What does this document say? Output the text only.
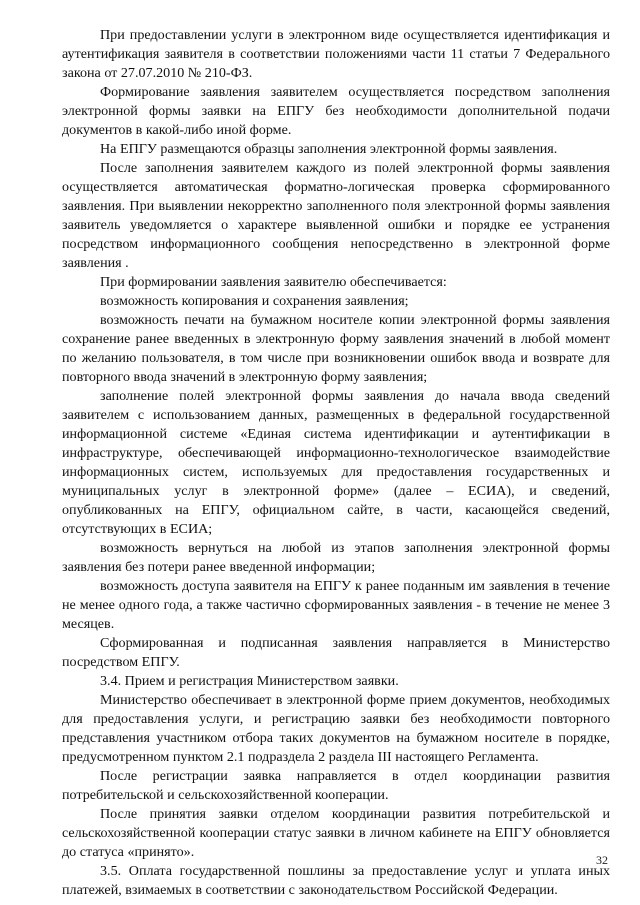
При предоставлении услуги в электронном виде осуществляется идентификация и аутентификация заявителя в соответствии положениями части 11 статьи 7 Федерального закона от 27.07.2010 № 210-ФЗ.

Формирование заявления заявителем осуществляется посредством заполнения электронной формы заявки на ЕПГУ без необходимости дополнительной подачи документов в какой-либо иной форме.

На ЕПГУ размещаются образцы заполнения электронной формы заявления.

После заполнения заявителем каждого из полей электронной формы заявления осуществляется автоматическая форматно-логическая проверка сформированного заявления. При выявлении некорректно заполненного поля электронной формы заявления заявитель уведомляется о характере выявленной ошибки и порядке ее устранения посредством информационного сообщения непосредственно в электронной форме заявления .

При формировании заявления заявителю обеспечивается:

возможность копирования и сохранения заявления;

возможность печати на бумажном носителе копии электронной формы заявления сохранение ранее введенных в электронную форму заявления значений в любой момент по желанию пользователя, в том числе при возникновении ошибок ввода и возврате для повторного ввода значений в электронную форму заявления;

заполнение полей электронной формы заявления до начала ввода сведений заявителем с использованием данных, размещенных в федеральной государственной информационной системе «Единая система идентификации и аутентификации в инфраструктуре, обеспечивающей информационно-технологическое взаимодействие информационных систем, используемых для предоставления государственных и муниципальных услуг в электронной форме» (далее – ЕСИА), и сведений, опубликованных на ЕПГУ, официальном сайте, в части, касающейся сведений, отсутствующих в ЕСИА;

возможность вернуться на любой из этапов заполнения электронной формы заявления без потери ранее введенной информации;

возможность доступа заявителя на ЕПГУ к ранее поданным им заявления в течение не менее одного года, а также частично сформированных заявления - в течение не менее 3 месяцев.

Сформированная и подписанная заявления направляется в Министерство посредством ЕПГУ.

3.4. Прием и регистрация Министерством заявки.

Министерство обеспечивает в электронной форме прием документов, необходимых для предоставления услуги, и регистрацию заявки без необходимости повторного представления участником отбора таких документов на бумажном носителе в порядке, предусмотренном пунктом 2.1 подраздела 2 раздела III настоящего Регламента.

После регистрации заявка направляется в отдел координации развития потребительской и сельскохозяйственной кооперации.

После принятия заявки отделом координации развития потребительской и сельскохозяйственной кооперации статус заявки в личном кабинете на ЕПГУ обновляется до статуса «принято».

3.5. Оплата государственной пошлины за предоставление услуг и уплата иных платежей, взимаемых в соответствии с законодательством Российской Федерации.

32
